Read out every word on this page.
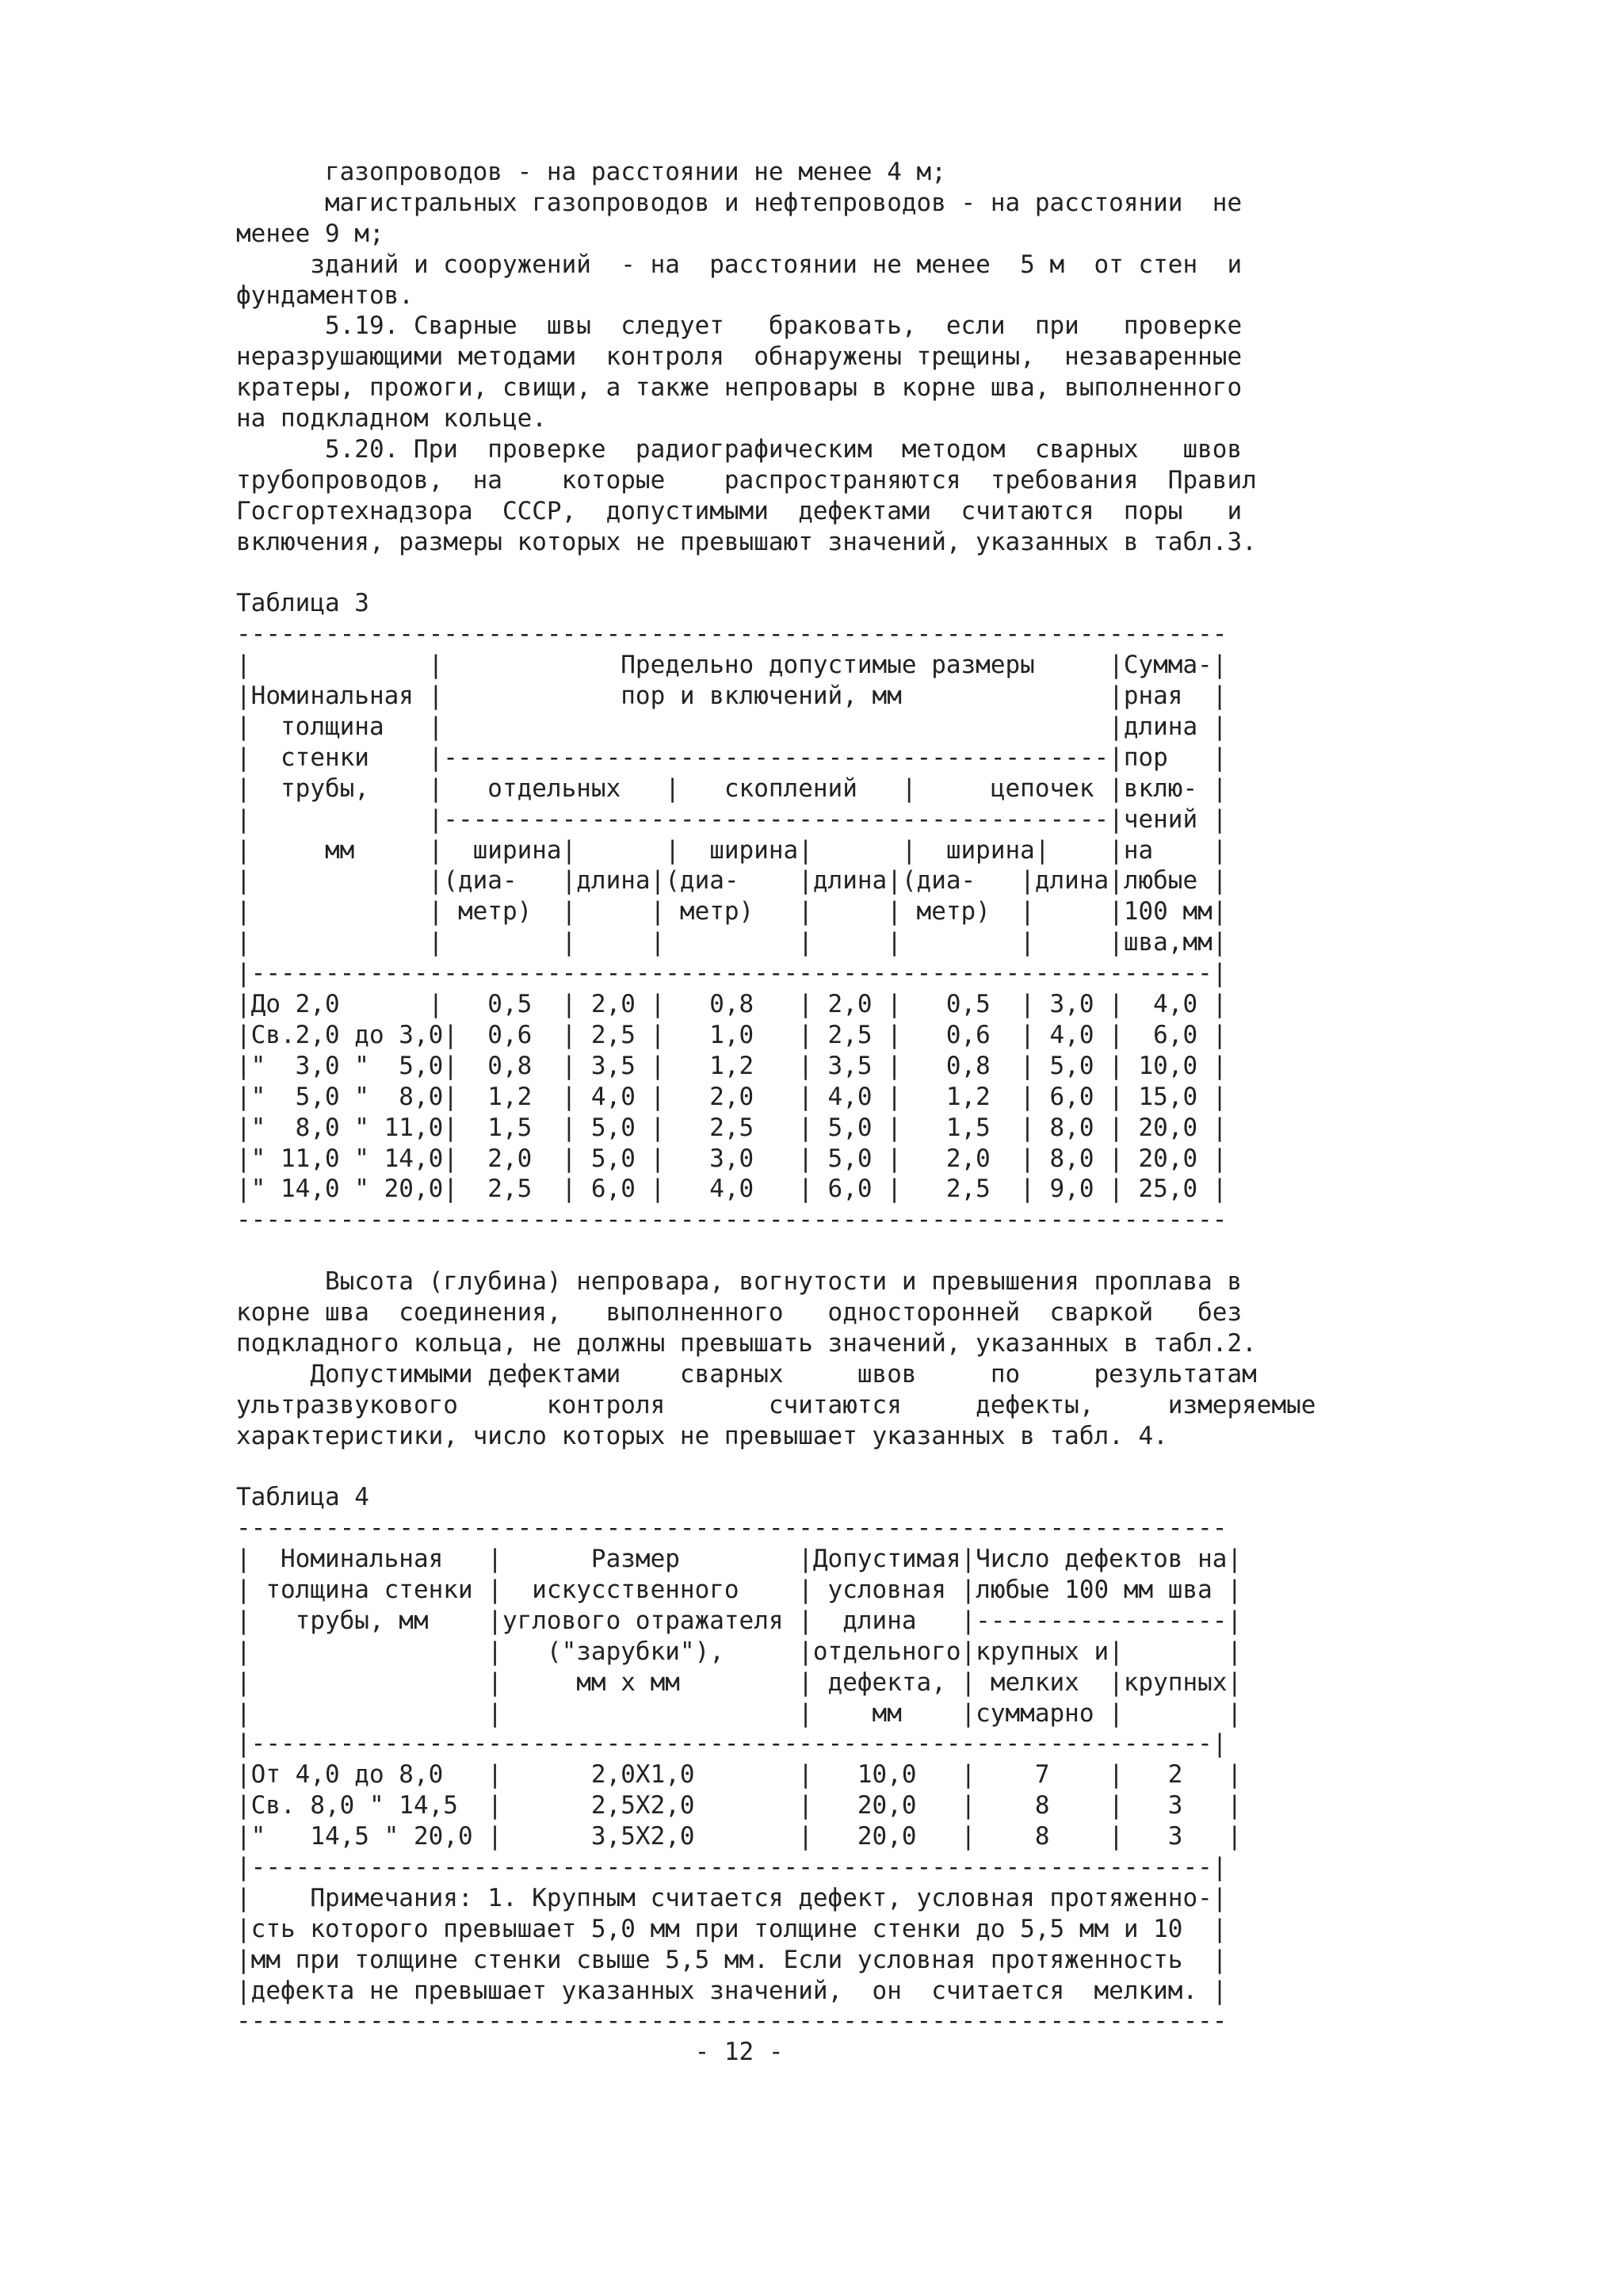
газопроводов - на расстоянии не менее 4 м;
магистральных газопроводов и нефтепроводов - на расстоянии  не
менее 9 м;
зданий и сооружений  - на  расстоянии не менее  5 м  от стен  и
фундаментов.
5.19. Сварные  швы  следует   браковать,  если  при   проверке
неразрушающими методами  контроля  обнаружены трещины,  незаваренные
кратеры, прожоги, свищи, а также непровары в корне шва, выполненного
на подкладном кольце.
5.20. При  проверке  радиографическим  методом  сварных   швов
трубопроводов,  на    которые    распространяются  требования  Правил
Госгортехнадзора  СССР,  допустимыми  дефектами  считаются  поры   и
включения, размеры которых не превышают значений, указанных в табл.3.
Таблица 3
-------------------------------------------------------------------
|            |            Предельно допустимые размеры     |Сумма-|
|Номинальная |            пор и включений, мм              |рная  |
|  толщина   |                                             |длина |
|  стенки    |---------------------------------------------|пор   |
|  трубы,    |   отдельных   |   скоплений   |     цепочек |вклю- |
|            |---------------------------------------------|чений |
|     мм     |  ширина|      |  ширина|      |  ширина|    |на    |
|            |(диа-   |длина|(диа-    |длина|(диа-   |длина|любые |
|            | метр)  |     | метр)   |     | метр)  |     |100 мм|
|            |        |     |         |     |        |     |шва,мм|
|-----------------------------------------------------------------|
|До 2,0      |   0,5  | 2,0 |   0,8   | 2,0 |   0,5  | 3,0 |  4,0 |
|Св.2,0 до 3,0|  0,6  | 2,5 |   1,0   | 2,5 |   0,6  | 4,0 |  6,0 |
|"  3,0 "  5,0|  0,8  | 3,5 |   1,2   | 3,5 |   0,8  | 5,0 | 10,0 |
|"  5,0 "  8,0|  1,2  | 4,0 |   2,0   | 4,0 |   1,2  | 6,0 | 15,0 |
|"  8,0 " 11,0|  1,5  | 5,0 |   2,5   | 5,0 |   1,5  | 8,0 | 20,0 |
|" 11,0 " 14,0|  2,0  | 5,0 |   3,0   | 5,0 |   2,0  | 8,0 | 20,0 |
|" 14,0 " 20,0|  2,5  | 6,0 |   4,0   | 6,0 |   2,5  | 9,0 | 25,0 |
-------------------------------------------------------------------
Высота (глубина) непровара, вогнутости и превышения проплава в
корне шва  соединения,   выполненного   односторонней  сваркой   без
подкладного кольца, не должны превышать значений, указанных в табл.2.
Допустимыми дефектами    сварных     швов     по     результатам
ультразвукового      контроля       считаются     дефекты,     измеряемые
характеристики, число которых не превышает указанных в табл. 4.
Таблица 4
-------------------------------------------------------------------
|  Номинальная   |      Размер        |Допустимая|Число дефектов на|
| толщина стенки |  искусственного    | условная |любые 100 мм шва |
|   трубы, мм    |углового отражателя |  длина   |-----------------|
|                |   ("зарубки"),     |отдельного|крупных и|       |
|                |     мм х мм        | дефекта, | мелких  |крупных|
|                |                    |    мм    |суммарно |       |
|-----------------------------------------------------------------|
|От 4,0 до 8,0   |      2,0Х1,0       |   10,0   |    7    |   2   |
|Св. 8,0 " 14,5  |      2,5Х2,0       |   20,0   |    8    |   3   |
|"   14,5 " 20,0 |      3,5Х2,0       |   20,0   |    8    |   3   |
|-----------------------------------------------------------------|
|    Примечания: 1. Крупным считается дефект, условная протяженно-|
|сть которого превышает 5,0 мм при толщине стенки до 5,5 мм и 10  |
|мм при толщине стенки свыше 5,5 мм. Если условная протяженность  |
|дефекта не превышает указанных значений,  он  считается  мелким. |
-------------------------------------------------------------------
- 12 -
